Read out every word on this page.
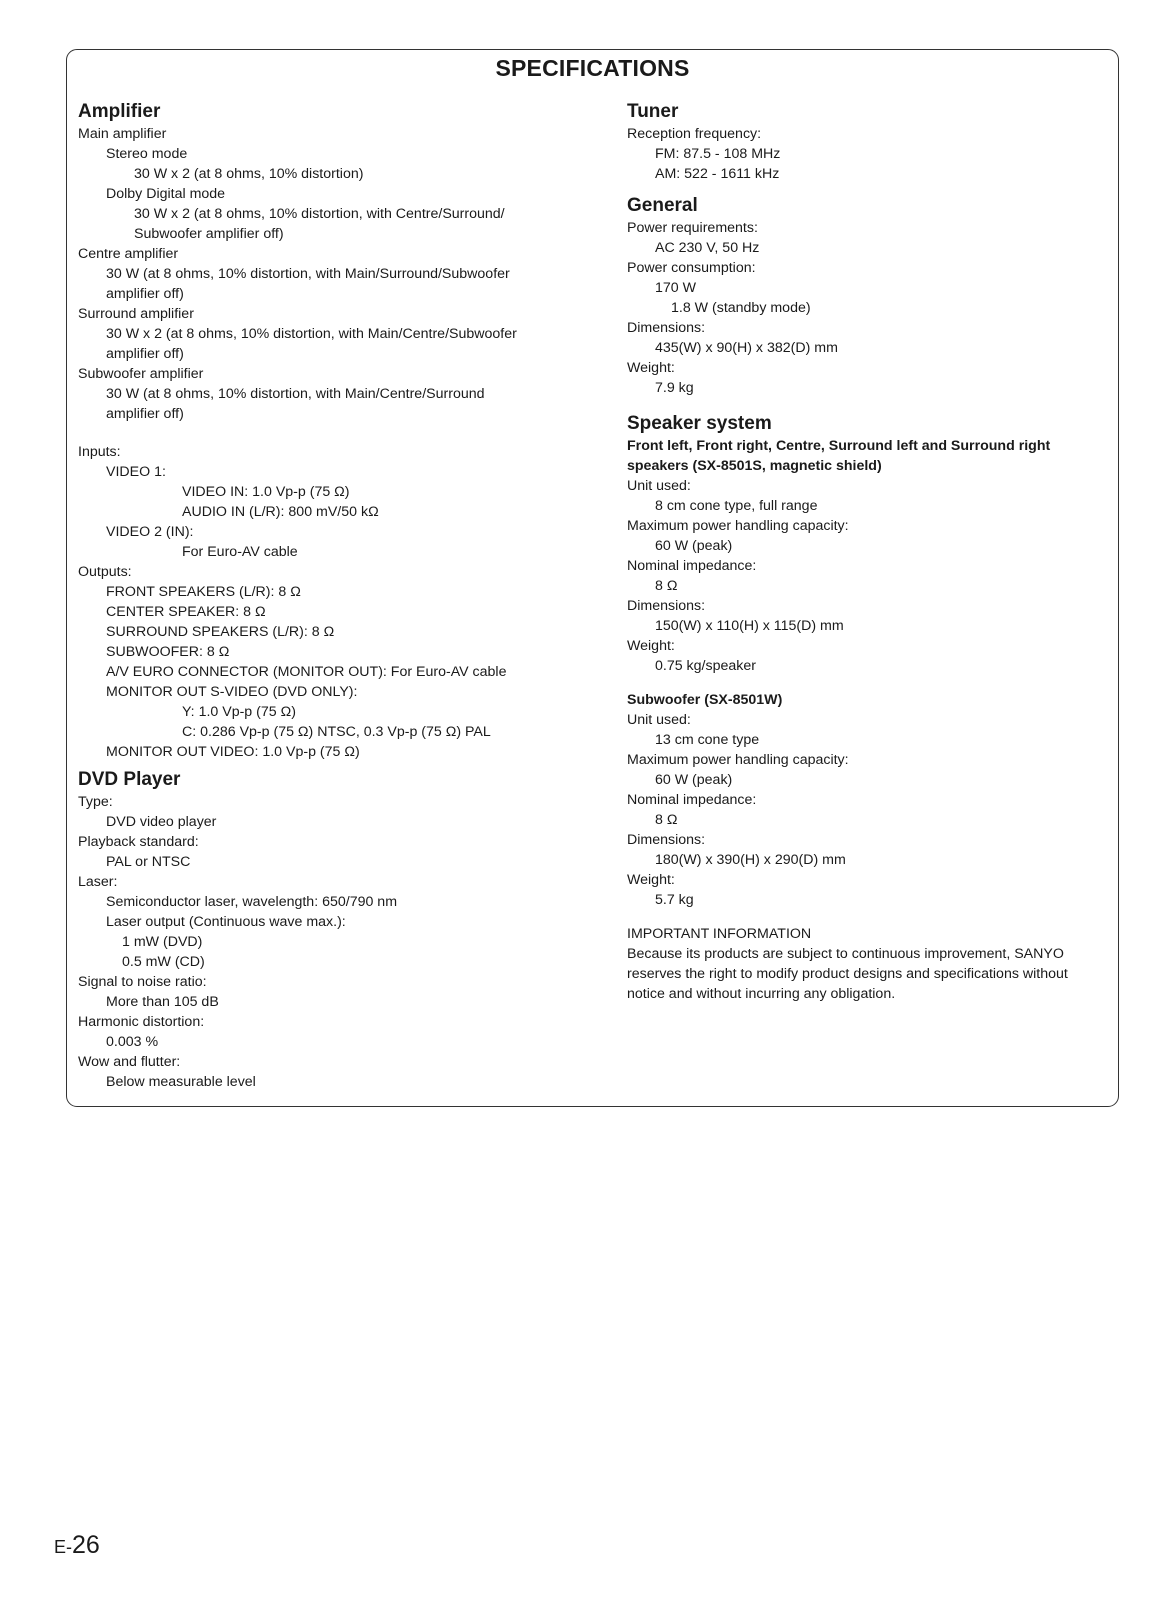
SPECIFICATIONS
Amplifier
Main amplifier
Stereo mode
30 W x 2 (at 8 ohms, 10% distortion)
Dolby Digital mode
30 W x 2 (at 8 ohms, 10% distortion, with Centre/Surround/
Subwoofer amplifier off)
Centre amplifier
30 W (at 8 ohms, 10% distortion, with Main/Surround/Subwoofer
amplifier off)
Surround amplifier
30 W x 2 (at 8 ohms, 10% distortion, with Main/Centre/Subwoofer
amplifier off)
Subwoofer amplifier
30 W (at 8 ohms, 10% distortion, with Main/Centre/Surround
amplifier off)
Inputs:
VIDEO 1:
VIDEO IN: 1.0 Vp-p (75 Ω)
AUDIO IN (L/R): 800 mV/50 kΩ
VIDEO 2 (IN):
For Euro-AV cable
Outputs:
FRONT SPEAKERS (L/R): 8 Ω
CENTER SPEAKER: 8 Ω
SURROUND SPEAKERS (L/R): 8 Ω
SUBWOOFER: 8 Ω
A/V EURO CONNECTOR (MONITOR OUT): For Euro-AV cable
MONITOR OUT S-VIDEO (DVD ONLY):
Y: 1.0 Vp-p (75 Ω)
C: 0.286 Vp-p (75 Ω) NTSC, 0.3 Vp-p (75 Ω) PAL
MONITOR OUT VIDEO: 1.0 Vp-p (75 Ω)
DVD Player
Type:
DVD video player
Playback standard:
PAL or NTSC
Laser:
Semiconductor laser, wavelength: 650/790 nm
Laser output (Continuous wave max.):
1 mW (DVD)
0.5 mW (CD)
Signal to noise ratio:
More than 105 dB
Harmonic distortion:
0.003 %
Wow and flutter:
Below measurable level
Tuner
Reception frequency:
FM: 87.5 - 108 MHz
AM: 522 - 1611 kHz
General
Power requirements:
AC 230 V, 50 Hz
Power consumption:
170 W
1.8 W (standby mode)
Dimensions:
435(W) x 90(H) x 382(D) mm
Weight:
7.9 kg
Speaker system
Front left, Front right, Centre, Surround left and Surround right
speakers (SX-8501S, magnetic shield)
Unit used:
8 cm cone type, full range
Maximum power handling capacity:
60 W (peak)
Nominal impedance:
8 Ω
Dimensions:
150(W) x 110(H) x 115(D) mm
Weight:
0.75 kg/speaker
Subwoofer (SX-8501W)
Unit used:
13 cm cone type
Maximum power handling capacity:
60 W (peak)
Nominal impedance:
8 Ω
Dimensions:
180(W) x 390(H) x 290(D) mm
Weight:
5.7 kg
IMPORTANT INFORMATION
Because its products are subject to continuous improvement, SANYO
reserves the right to modify product designs and specifications without
notice and without incurring any obligation.
E-26
